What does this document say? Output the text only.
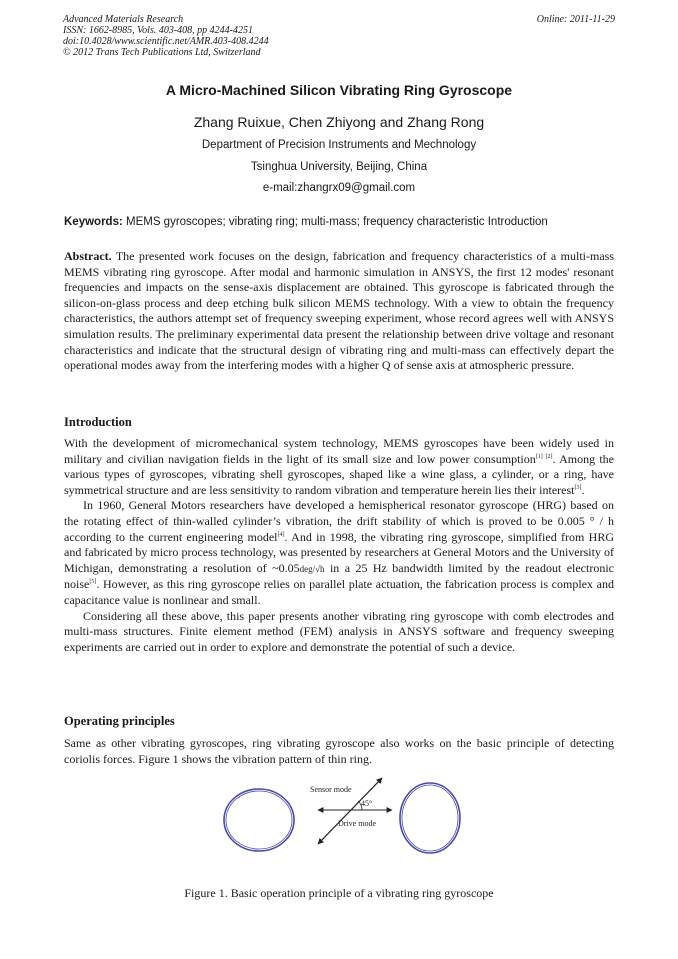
Advanced Materials Research
ISSN: 1662-8985, Vols. 403-408, pp 4244-4251
doi:10.4028/www.scientific.net/AMR.403-408.4244
© 2012 Trans Tech Publications Ltd, Switzerland
Online: 2011-11-29
A Micro-Machined Silicon Vibrating Ring Gyroscope
Zhang Ruixue, Chen Zhiyong and Zhang Rong
Department of Precision Instruments and Mechnology
Tsinghua University, Beijing, China
e-mail:zhangrx09@gmail.com
Keywords: MEMS gyroscopes; vibrating ring; multi-mass; frequency characteristic Introduction

Abstract. The presented work focuses on the design, fabrication and frequency characteristics of a multi-mass MEMS vibrating ring gyroscope. After modal and harmonic simulation in ANSYS, the first 12 modes' resonant frequencies and impacts on the sense-axis displacement are obtained. This gyroscope is fabricated through the silicon-on-glass process and deep etching bulk silicon MEMS technology. With a view to obtain the frequency characteristics, the authors attempt set of frequency sweeping experiment, whose record agrees well with ANSYS simulation results. The preliminary experimental data present the relationship between drive voltage and resonant characteristics and indicate that the structural design of vibrating ring and multi-mass can effectively depart the operational modes away from the interfering modes with a higher Q of sense axis at atmospheric pressure.

Introduction

With the development of micromechanical system technology, MEMS gyroscopes have been widely used in military and civilian navigation fields in the light of its small size and low power consumption[1] [2]. Among the various types of gyroscopes, vibrating shell gyroscopes, shaped like a wine glass, a cylinder, or a ring, have symmetrical structure and are less sensitivity to random vibration and temperature herein lies their interest[3].

In 1960, General Motors researchers have developed a hemispherical resonator gyroscope (HRG) based on the rotating effect of thin-walled cylinder’s vibration, the drift stability of which is proved to be 0.005 ° / h according to the current engineering model[4]. And in 1998, the vibrating ring gyroscope, simplified from HRG and fabricated by micro process technology, was presented by researchers at General Motors and the University of Michigan, demonstrating a resolution of ~0.05deg/√h in a 25 Hz bandwidth limited by the readout electronic noise[5]. However, as this ring gyroscope relies on parallel plate actuation, the fabrication process is complex and capacitance value is nonlinear and small.

Considering all these above, this paper presents another vibrating ring gyroscope with comb electrodes and multi-mass structures. Finite element method (FEM) analysis in ANSYS software and frequency sweeping experiments are carried out in order to explore and demonstrate the potential of such a device.

Operating principles

Same as other vibrating gyroscopes, ring vibrating gyroscope also works on the basic principle of detecting coriolis forces. Figure 1 shows the vibration pattern of thin ring.

Sensor mode
45°
Drive mode
Figure 1. Basic operation principle of a vibrating ring gyroscope
